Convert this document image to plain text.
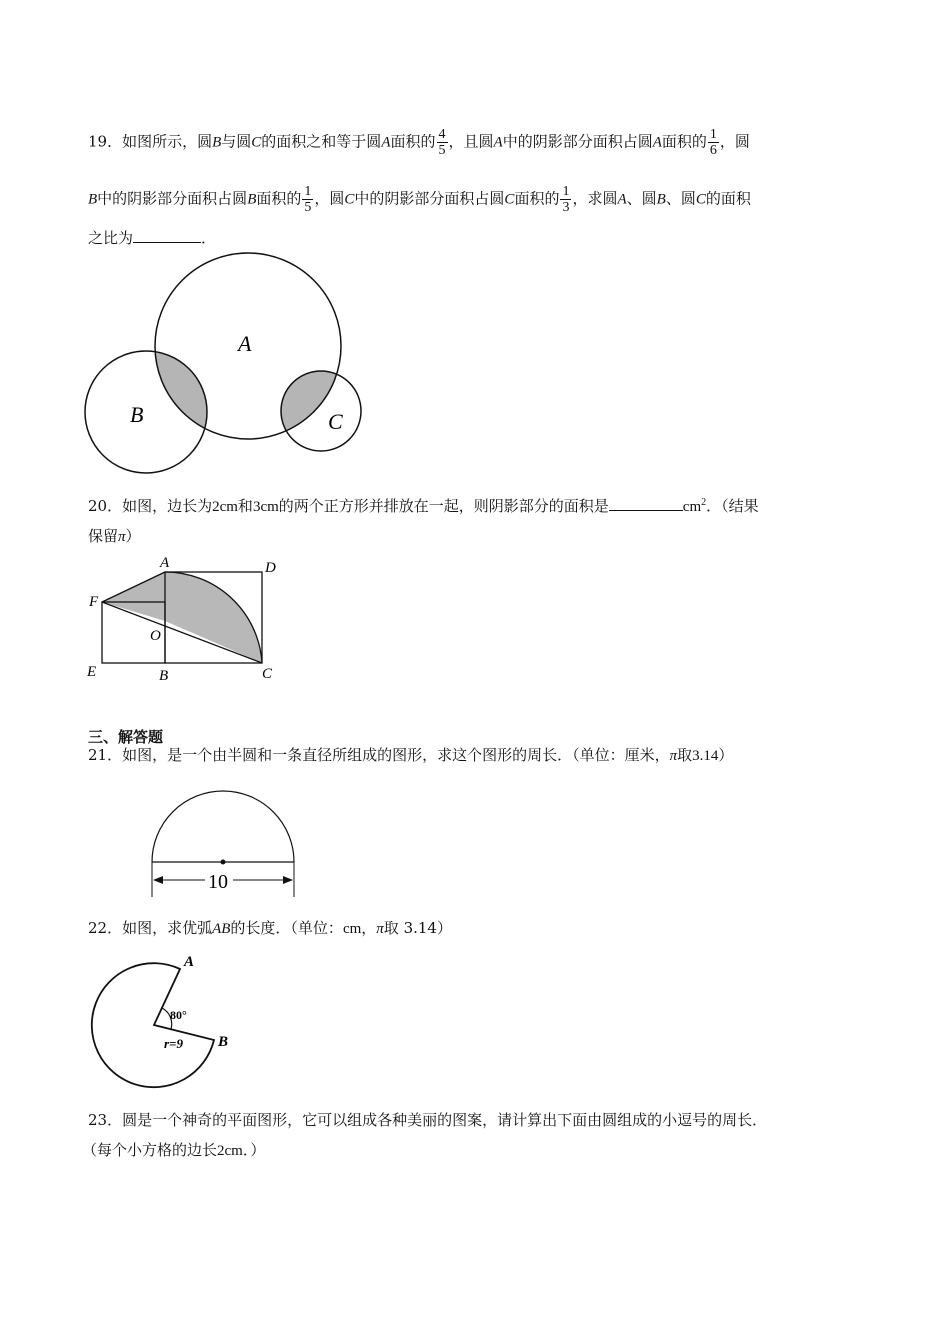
19．如图所示，圆B与圆C的面积之和等于圆A面积的 $\frac{4}{5}$ ，且圆A中的阴影部分面积占圆A面积的 $\frac{1}{6}$ ，圆
B中的阴影部分面积占圆B面积的 $\frac{1}{5}$ ，圆C中的阴影部分面积占圆C面积的 $\frac{1}{3}$ ，求圆A、圆B、圆C的面积
之比为	．
A
B	C
20．如图，边长为2cm和3cm的两个正方形并排放在一起，则阴影部分的面积是	$cm^2$．（结果
保留π）
A	D
F
O
E	B	C
三、解答题
21．如图，是一个由半圆和一条直径所组成的图形，求这个图形的周长．（单位：厘米，π取3.14）
10
22．如图，求优弧AB的长度．（单位：cm，π取 3.14）
A
B
80°
r=9
23．圆是一个神奇的平面图形，它可以组成各种美丽的图案，请计算出下面由圆组成的小逗号的周长．
（每个小方格的边长2cm．）
